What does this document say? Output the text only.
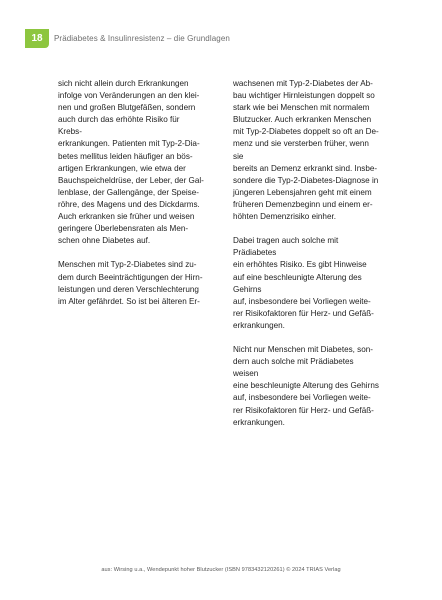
18	Prädiabetes & Insulinresistenz – die Grundlagen

sich nicht allein durch Erkrankungen
infolge von Veränderungen an den klei-
nen und großen Blutgefäßen, sondern
auch durch das erhöhte Risiko für Krebs-
erkrankungen. Patienten mit Typ-2-Dia-
betes mellitus leiden häufiger an bös-
artigen Erkrankungen, wie etwa der
Bauchspeicheldrüse, der Leber, der Gal-
lenblase, der Gallengänge, der Speise-
röhre, des Magens und des Dickdarms.
Auch erkranken sie früher und weisen
geringere Überlebensraten als Men-
schen ohne Diabetes auf.

Menschen mit Typ-2-Diabetes sind zu-
dem durch Beeinträchtigungen der Hirn-
leistungen und deren Verschlechterung
im Alter gefährdet. So ist bei älteren Er-

wachsenen mit Typ-2-Diabetes der Ab-
bau wichtiger Hirnleistungen doppelt so
stark wie bei Menschen mit normalem
Blutzucker. Auch erkranken Menschen
mit Typ-2-Diabetes doppelt so oft an De-
menz und sie versterben früher, wenn sie
bereits an Demenz erkrankt sind. Insbe-
sondere die Typ-2-Diabetes-Diagnose in
jüngeren Lebensjahren geht mit einem
früheren Demenzbeginn und einem er-
höhten Demenzrisiko einher.

Dabei tragen auch solche mit Prädiabetes
ein erhöhtes Risiko. Es gibt Hinweise
auf eine beschleunigte Alterung des Gehirns
auf, insbesondere bei Vorliegen weite-
rer Risikofaktoren für Herz- und Gefäß-
erkrankungen.

Nicht nur Menschen mit Diabetes, son-
dern auch solche mit Prädiabetes weisen
eine beschleunigte Alterung des Gehirns
auf, insbesondere bei Vorliegen weite-
rer Risikofaktoren für Herz- und Gefäß-
erkrankungen.

aus: Wirsing u.a., Wendepunkt hoher Blutzucker (ISBN 9783432120261) © 2024 TRIAS Verlag
